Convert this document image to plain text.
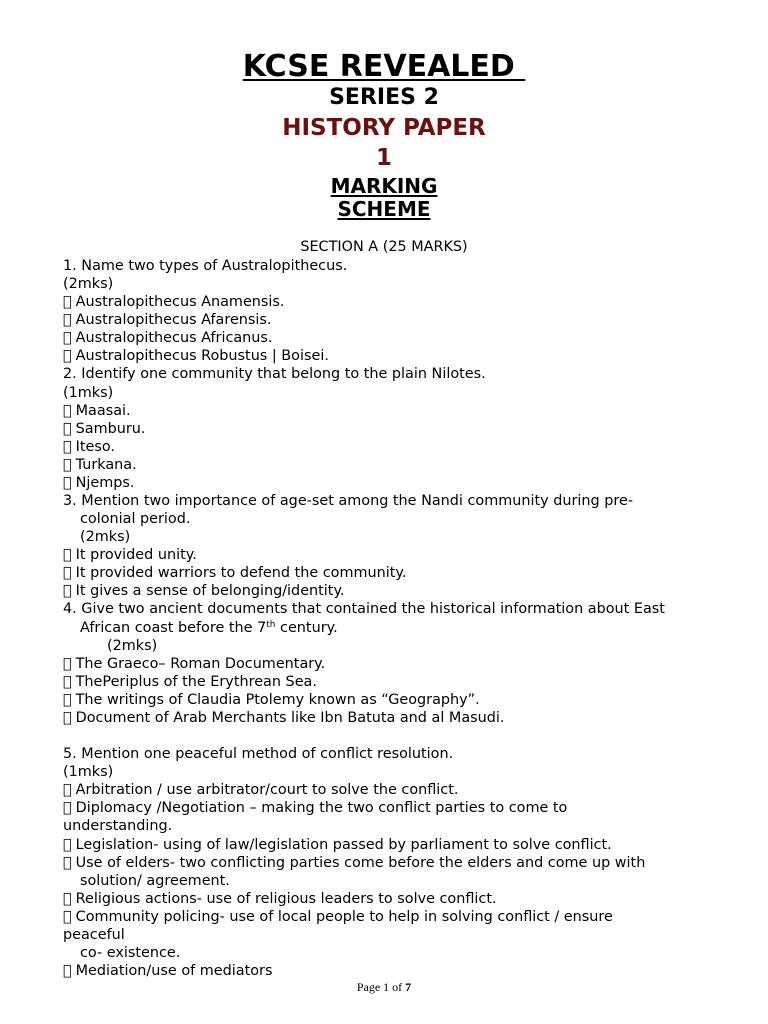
KCSE REVEALED
SERIES 2
HISTORY PAPER
1
MARKING
SCHEME
SECTION A (25 MARKS)
1. Name two types of Australopithecus.
(2mks)
Australopithecus Anamensis.
Australopithecus Afarensis.
Australopithecus Africanus.
Australopithecus Robustus | Boisei.
2. Identify one community that belong to the plain Nilotes.
(1mks)
Maasai.
Samburu.
Iteso.
Turkana.
Njemps.
3. Mention two importance of age-set among the Nandi community during pre-
colonial period.
(2mks)
It provided unity.
It provided warriors to defend the community.
It gives a sense of belonging/identity.
4. Give two ancient documents that contained the historical information about East
African coast before the 7th century.
(2mks)
The Graeco– Roman Documentary.
ThePeriplus of the Erythrean Sea.
The writings of Claudia Ptolemy known as “Geography”.
Document of Arab Merchants like Ibn Batuta and al Masudi.
5. Mention one peaceful method of conflict resolution.
(1mks)
Arbitration / use arbitrator/court to solve the conflict.
Diplomacy /Negotiation – making the two conflict parties to come to
understanding.
Legislation- using of law/legislation passed by parliament to solve conflict.
Use of elders- two conflicting parties come before the elders and come up with
solution/ agreement.
Religious actions- use of religious leaders to solve conflict.
Community policing- use of local people to help in solving conflict / ensure
peaceful
co- existence.
Mediation/use of mediators
Page 1 of 7
